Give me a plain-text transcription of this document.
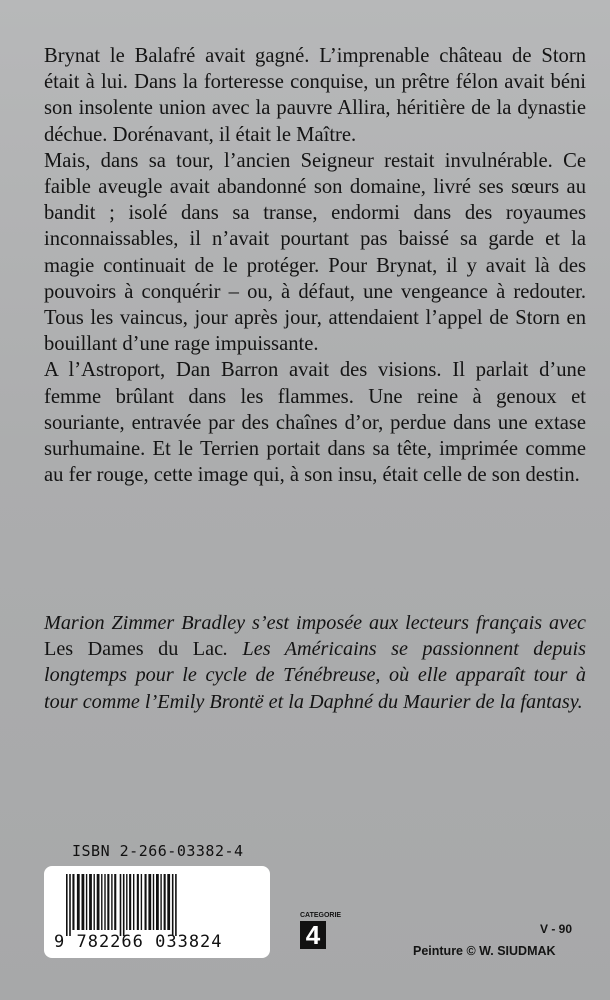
Brynat le Balafré avait gagné. L’imprenable château de Storn était à lui. Dans la forteresse conquise, un prêtre félon avait béni son insolente union avec la pauvre Allira, héritière de la dynastie déchue. Dorénavant, il était le Maître.

Mais, dans sa tour, l’ancien Seigneur restait invulnérable. Ce faible aveugle avait abandonné son domaine, livré ses sœurs au bandit ; isolé dans sa transe, endormi dans des royaumes inconnaissables, il n’avait pourtant pas baissé sa garde et la magie continuait de le protéger. Pour Brynat, il y avait là des pouvoirs à conquérir – ou, à défaut, une vengeance à redouter. Tous les vaincus, jour après jour, attendaient l’appel de Storn en bouillant d’une rage impuissante.

A l’Astroport, Dan Barron avait des visions. Il parlait d’une femme brûlant dans les flammes. Une reine à genoux et souriante, entravée par des chaînes d’or, perdue dans une extase surhumaine. Et le Terrien portait dans sa tête, imprimée comme au fer rouge, cette image qui, à son insu, était celle de son destin.

Marion Zimmer Bradley s’est imposée aux lecteurs français avec Les Dames du Lac. Les Américains se passionnent depuis longtemps pour le cycle de Ténébreuse, où elle apparaît tour à tour comme l’Emily Brontë et la Daphné du Maurier de la fantasy.
ISBN 2-266-03382-4
9 782266 033824
CATEGORIE
4	V - 90
Peinture © W. SIUDMAK
